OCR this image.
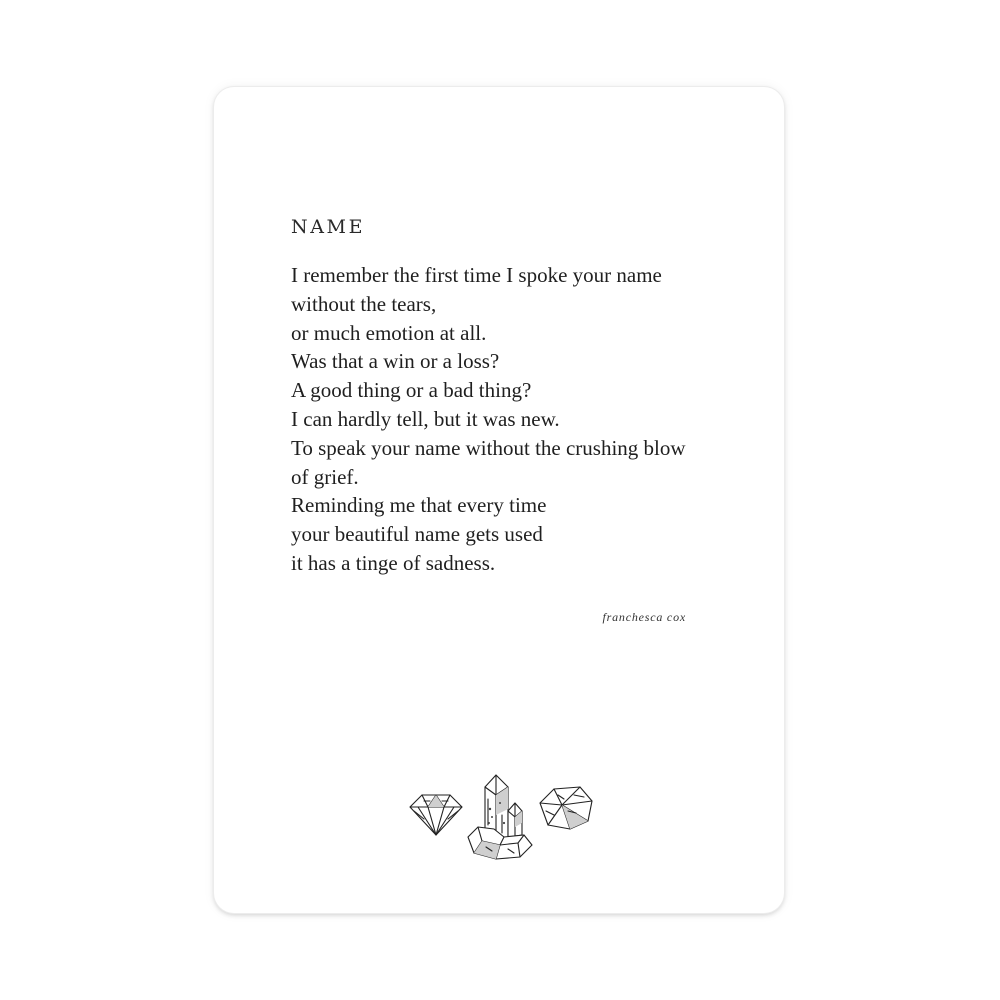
NAME
I remember the first time I spoke your name
without the tears,
or much emotion at all.
Was that a win or a loss?
A good thing or a bad thing?
I can hardly tell, but it was new.
To speak your name without the crushing blow
of grief.
Reminding me that every time
your beautiful name gets used
it has a tinge of sadness.

franchesca cox
